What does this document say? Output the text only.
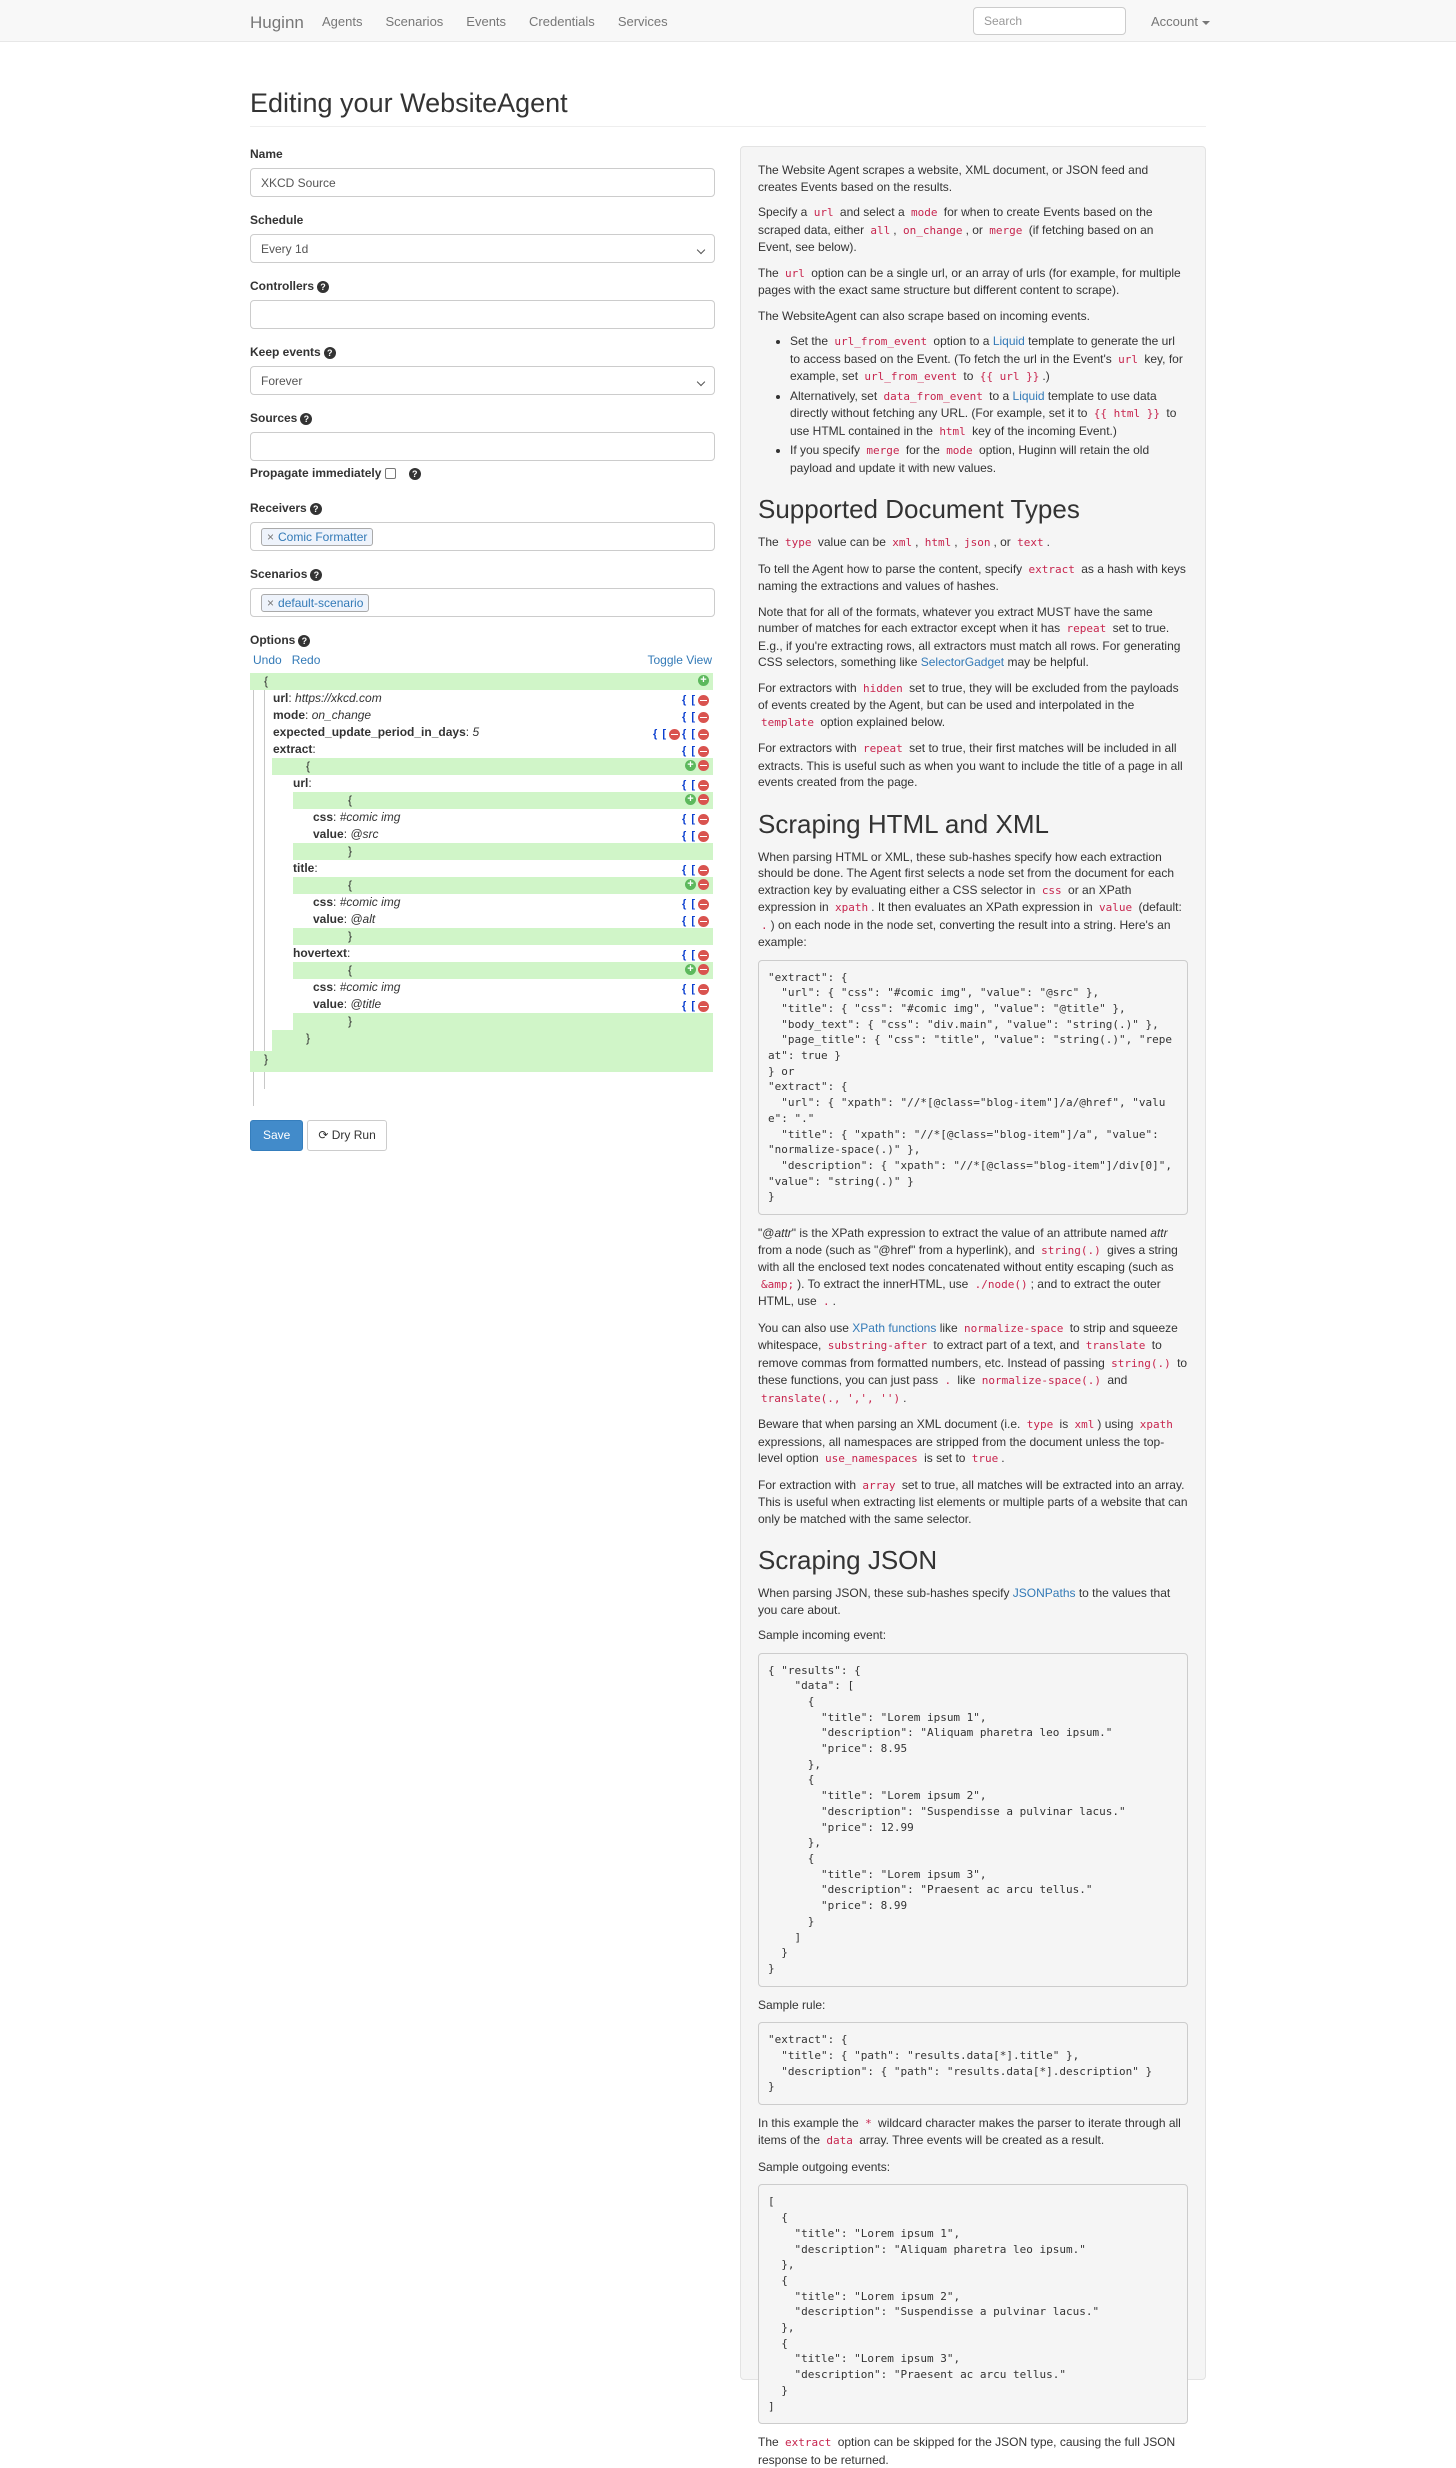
Huginn Agents Scenarios Events Credentials Services	Search	Account
Editing your WebsiteAgent
Name
XKCD Source
Schedule
Every 1d
Controllers ?
Keep events ?
Forever
Sources ?
Propagate immediately	?
Receivers ?
× Comic Formatter
Scenarios ?
× default-scenario
Options ?
Undo Redo	Toggle View
{
+
url: https://xkcd.com	{ [
mode: on_change	{ [
expected_update_period_in_days: 5	{ [ { [
extract:	{ [
{
+
url:	{ [
{
+
css: #comic img	{ [
value: @src	{ [
}
title:	{ [
{
+
css: #comic img	{ [
value: @alt	{ [
}
hovertext:	{ [
{
+
css: #comic img	{ [
value: @title	{ [
}
}
}
Save ⟳ Dry Run

The Website Agent scrapes a website, XML document, or JSON feed and creates Events based on the results.

Specify a url and select a mode for when to create Events based on the scraped data, either all , on_change , or merge (if fetching based on an Event, see below).

The url option can be a single url, or an array of urls (for example, for multiple pages with the exact same structure but different content to scrape).

The WebsiteAgent can also scrape based on incoming events.

• Set the url_from_event option to a Liquid template to generate the url to access based on the Event. (To fetch the url in the Event's url key, for example, set url_from_event to {{ url }} .)
• Alternatively, set data_from_event to a Liquid template to use data directly without fetching any URL. (For example, set it to {{ html }} to use HTML contained in the html key of the incoming Event.)
• If you specify merge for the mode option, Huginn will retain the old payload and update it with new values.
Supported Document Types

The type value can be xml , html , json , or text .

To tell the Agent how to parse the content, specify extract as a hash with keys naming the extractions and values of hashes.

Note that for all of the formats, whatever you extract MUST have the same number of matches for each extractor except when it has repeat set to true. E.g., if you're extracting rows, all extractors must match all rows. For generating CSS selectors, something like SelectorGadget may be helpful.

For extractors with hidden set to true, they will be excluded from the payloads of events created by the Agent, but can be used and interpolated in the template option explained below.

For extractors with repeat set to true, their first matches will be included in all extracts. This is useful such as when you want to include the title of a page in all events created from the page.

Scraping HTML and XML

When parsing HTML or XML, these sub-hashes specify how each extraction should be done. The Agent first selects a node set from the document for each extraction key by evaluating either a CSS selector in css or an XPath expression in xpath . It then evaluates an XPath expression in value (default: . ) on each node in the node set, converting the result into a string. Here's an example:

"extract": {
"url": { "css": "#comic img", "value": "@src" },
"title": { "css": "#comic img", "value": "@title" },
"body_text": { "css": "div.main", "value": "string(.)" },
"page_title": { "css": "title", "value": "string(.)", "repeat": true }
} or
"extract": {
"url": { "xpath": "//*[@class="blog-item"]/a/@href", "value": "."
"title": { "xpath": "//*[@class="blog-item"]/a", "value": "normalize-space(.)" },
"description": { "xpath": "//*[@class="blog-item"]/div[0]", "value": "string(.)" }
}

"@attr" is the XPath expression to extract the value of an attribute named attr from a node (such as "@href" from a hyperlink), and string(.) gives a string with all the enclosed text nodes concatenated without entity escaping (such as &amp; ). To extract the innerHTML, use ./node() ; and to extract the outer HTML, use . .

You can also use XPath functions like normalize-space to strip and squeeze whitespace, substring-after to extract part of a text, and translate to remove commas from formatted numbers, etc. Instead of passing string(.) to these functions, you can just pass . like normalize-space(.) and translate(., ',', '') .

Beware that when parsing an XML document (i.e. type is xml ) using xpath expressions, all namespaces are stripped from the document unless the top-level option use_namespaces is set to true .

For extraction with array set to true, all matches will be extracted into an array. This is useful when extracting list elements or multiple parts of a website that can only be matched with the same selector.

Scraping JSON

When parsing JSON, these sub-hashes specify JSONPaths to the values that you care about.

Sample incoming event:

{ "results": {
"data": [
{
"title": "Lorem ipsum 1",
"description": "Aliquam pharetra leo ipsum."
"price": 8.95
},
{
"title": "Lorem ipsum 2",
"description": "Suspendisse a pulvinar lacus."
"price": 12.99
},
{
"title": "Lorem ipsum 3",
"description": "Praesent ac arcu tellus."
"price": 8.99
}
]
}
}

Sample rule:

"extract": {
"title": { "path": "results.data[*].title" },
"description": { "path": "results.data[*].description" }
}

In this example the * wildcard character makes the parser to iterate through all items of the data array. Three events will be created as a result.

Sample outgoing events:

[
{
"title": "Lorem ipsum 1",
"description": "Aliquam pharetra leo ipsum."
},
{
"title": "Lorem ipsum 2",
"description": "Suspendisse a pulvinar lacus."
},
{
"title": "Lorem ipsum 3",
"description": "Praesent ac arcu tellus."
}
]

The extract option can be skipped for the JSON type, causing the full JSON response to be returned.
